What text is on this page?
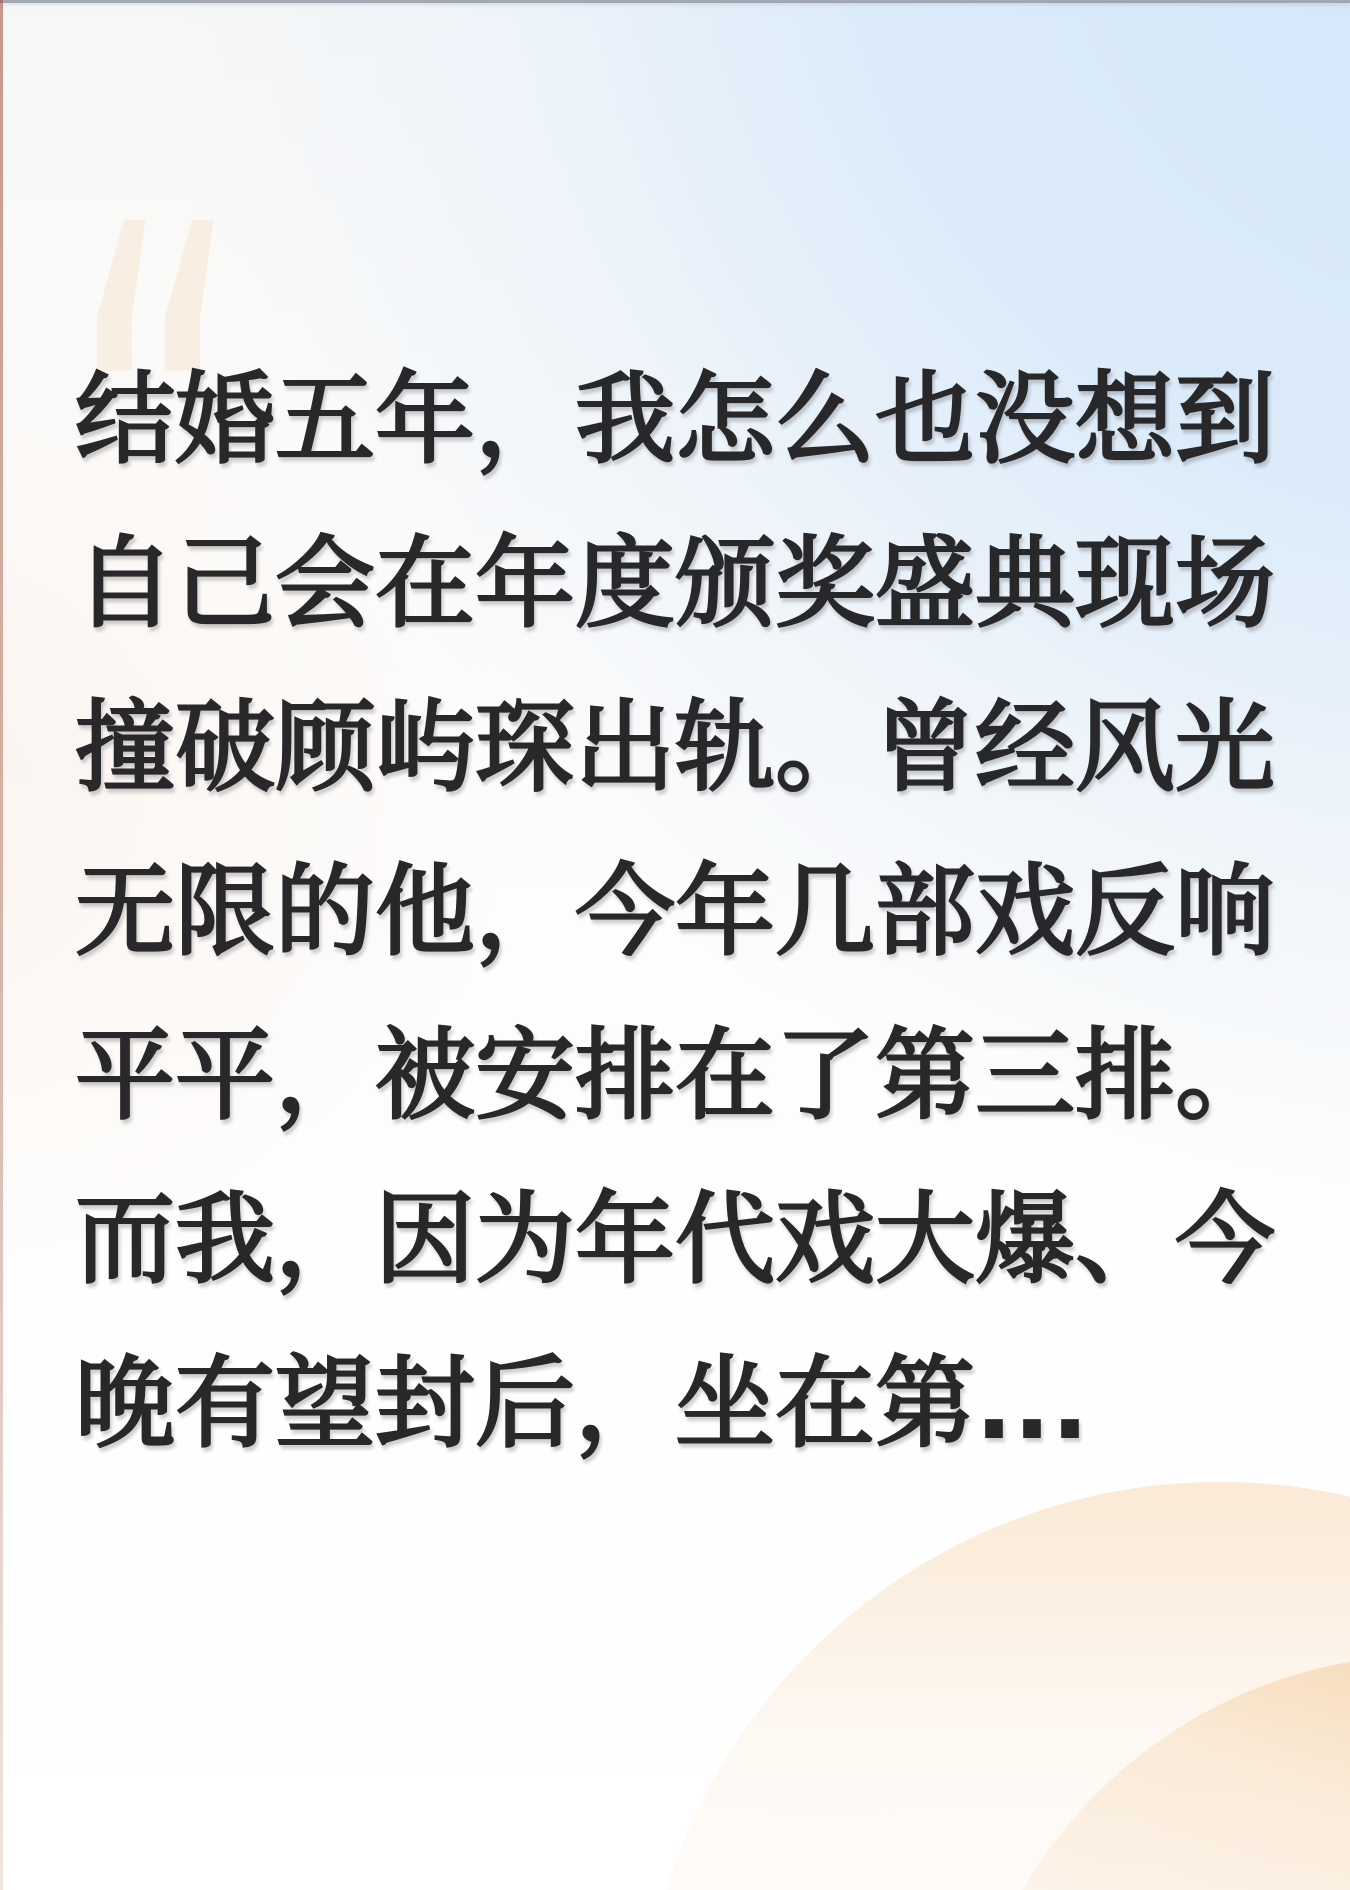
“
结婚五年，我怎么也没想到
自己会在年度颁奖盛典现场
撞破顾屿琛出轨。曾经风光
无限的他，今年几部戏反响
平平，被安排在了第三排。
而我，因为年代戏大爆、今
晚有望封后，坐在第...
